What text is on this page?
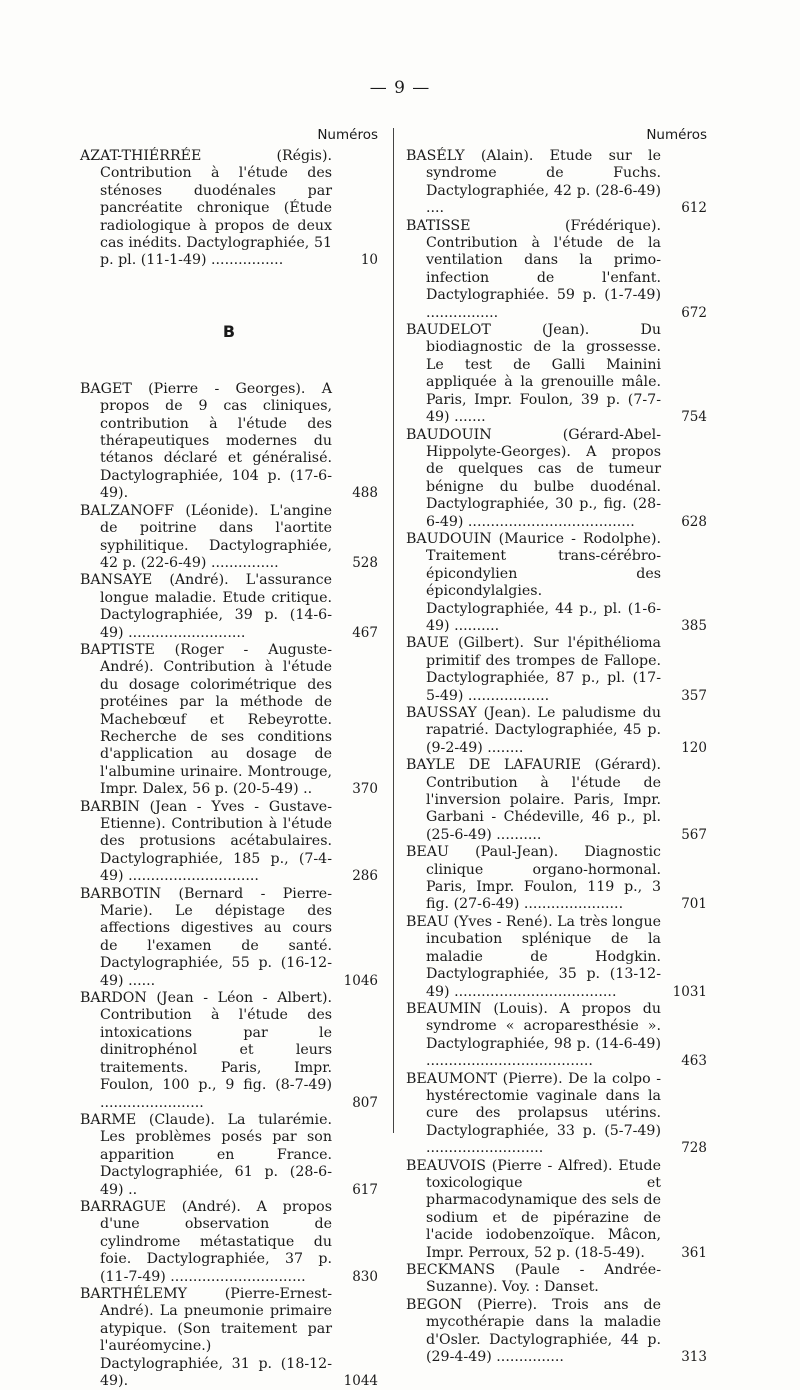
— 9 —
Numéros
AZAT-THIÉRRÉE (Régis). Contribution à l'étude des sténoses duodénales par pancréatite chronique (Étude radiologique à propos de deux cas inédits. Dactylographiée, 51 p. pl. (11-1-49) ................	10
B
BAGET (Pierre - Georges). A propos de 9 cas cliniques, contribution à l'étude des thérapeutiques modernes du tétanos déclaré et généralisé. Dactylographiée, 104 p. (17-6-49).	488
BALZANOFF (Léonide). L'angine de poitrine dans l'aortite syphilitique. Dactylographiée, 42 p. (22-6-49) ...............	528
BANSAYE (André). L'assurance longue maladie. Etude critique. Dactylographiée, 39 p. (14-6-49) ..........................	467
BAPTISTE (Roger - Auguste-André). Contribution à l'étude du dosage colorimétrique des protéines par la méthode de Machebœuf et Rebeyrotte. Recherche de ses conditions d'application au dosage de l'albumine urinaire. Montrouge, Impr. Dalex, 56 p. (20-5-49) ..	370
BARBIN (Jean - Yves - Gustave-Etienne). Contribution à l'étude des protusions acétabulaires. Dactylographiée, 185 p., (7-4-49) .............................	286
BARBOTIN (Bernard - Pierre-Marie). Le dépistage des affections digestives au cours de l'examen de santé. Dactylographiée, 55 p. (16-12-49) ......	1046
BARDON (Jean - Léon - Albert). Contribution à l'étude des intoxications par le dinitrophénol et leurs traitements. Paris, Impr. Foulon, 100 p., 9 fig. (8-7-49) .......................	807
BARME (Claude). La tularémie. Les problèmes posés par son apparition en France. Dactylographiée, 61 p. (28-6-49) ..	617
BARRAGUE (André). A propos d'une observation de cylindrome métastatique du foie. Dactylographiée, 37 p. (11-7-49) ..............................	830
BARTHÉLEMY (Pierre-Ernest-André). La pneumonie primaire atypique. (Son traitement par l'auréomycine.) Dactylographiée, 31 p. (18-12-49).	1044
Numéros
BASÉLY (Alain). Etude sur le syndrome de Fuchs. Dactylographiée, 42 p. (28-6-49) ....	612
BATISSE (Frédérique). Contribution à l'étude de la ventilation dans la primo-infection de l'enfant. Dactylographiée. 59 p. (1-7-49) ................	672
BAUDELOT (Jean). Du biodiagnostic de la grossesse. Le test de Galli Mainini appliquée à la grenouille mâle. Paris, Impr. Foulon, 39 p. (7-7-49) .......	754
BAUDOUIN (Gérard-Abel-Hippolyte-Georges). A propos de quelques cas de tumeur bénigne du bulbe duodénal. Dactylographiée, 30 p., fig. (28-6-49) .....................................	628
BAUDOUIN (Maurice - Rodolphe). Traitement trans-cérébro-épicondylien des épicondylalgies. Dactylographiée, 44 p., pl. (1-6-49) ..........	385
BAUE (Gilbert). Sur l'épithélioma primitif des trompes de Fallope. Dactylographiée, 87 p., pl. (17-5-49) ..................	357
BAUSSAY (Jean). Le paludisme du rapatrié. Dactylographiée, 45 p. (9-2-49) ........	120
BAYLE DE LAFAURIE (Gérard). Contribution à l'étude de l'inversion polaire. Paris, Impr. Garbani - Chédeville, 46 p., pl. (25-6-49) ..........	567
BEAU (Paul-Jean). Diagnostic clinique organo-hormonal. Paris, Impr. Foulon, 119 p., 3 fig. (27-6-49) ......................	701
BEAU (Yves - René). La très longue incubation splénique de la maladie de Hodgkin. Dactylographiée, 35 p. (13-12-49) ....................................	1031
BEAUMIN (Louis). A propos du syndrome « acroparesthésie ». Dactylographiée, 98 p. (14-6-49) .....................................	463
BEAUMONT (Pierre). De la colpo - hystérectomie vaginale dans la cure des prolapsus utérins. Dactylographiée, 33 p. (5-7-49) ..........................	728
BEAUVOIS (Pierre - Alfred). Etude toxicologique et pharmacodynamique des sels de sodium et de pipérazine de l'acide iodobenzoïque. Mâcon, Impr. Perroux, 52 p. (18-5-49).	361
BECKMANS (Paule - Andrée-Suzanne). Voy. : Danset.
BEGON (Pierre). Trois ans de mycothérapie dans la maladie d'Osler. Dactylographiée, 44 p. (29-4-49) ...............	313
